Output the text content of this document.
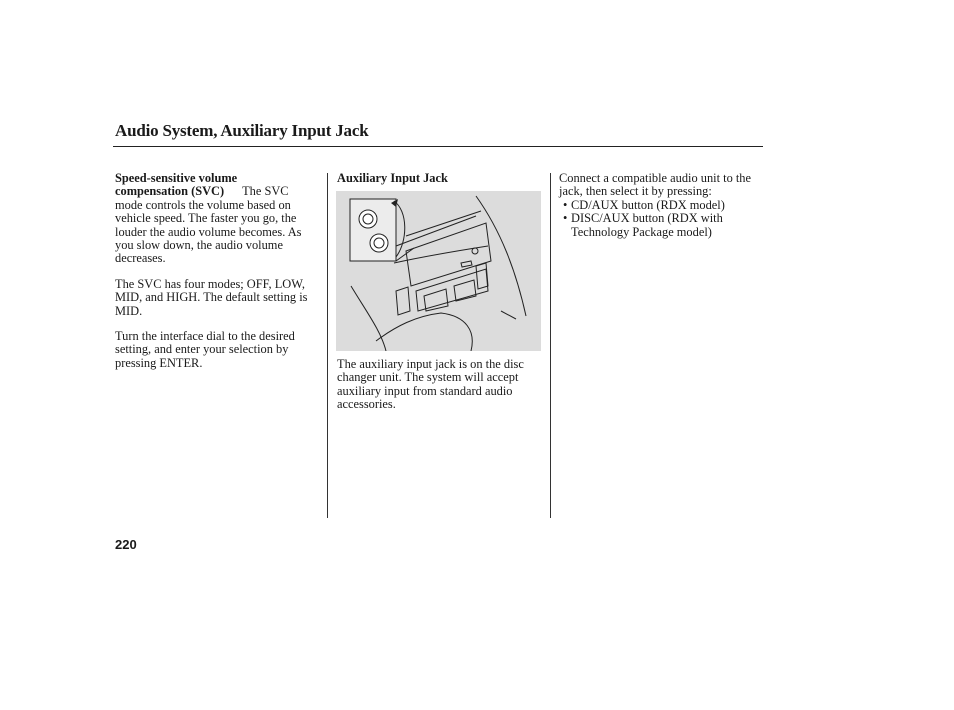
Audio System, Auxiliary Input Jack
Speed-sensitive volume
compensation (SVC) The SVC

mode controls the volume based on vehicle speed. The faster you go, the louder the audio volume becomes. As you slow down, the audio volume decreases.

The SVC has four modes; OFF, LOW, MID, and HIGH. The default setting is MID.

Turn the interface dial to the desired setting, and enter your selection by pressing ENTER.

Auxiliary Input Jack
The auxiliary input jack is on the disc changer unit. The system will accept auxiliary input from standard audio accessories.
Connect a compatible audio unit to the jack, then select it by pressing:
• CD/AUX button (RDX model)
• DISC/AUX button (RDX with Technology Package model)
220
